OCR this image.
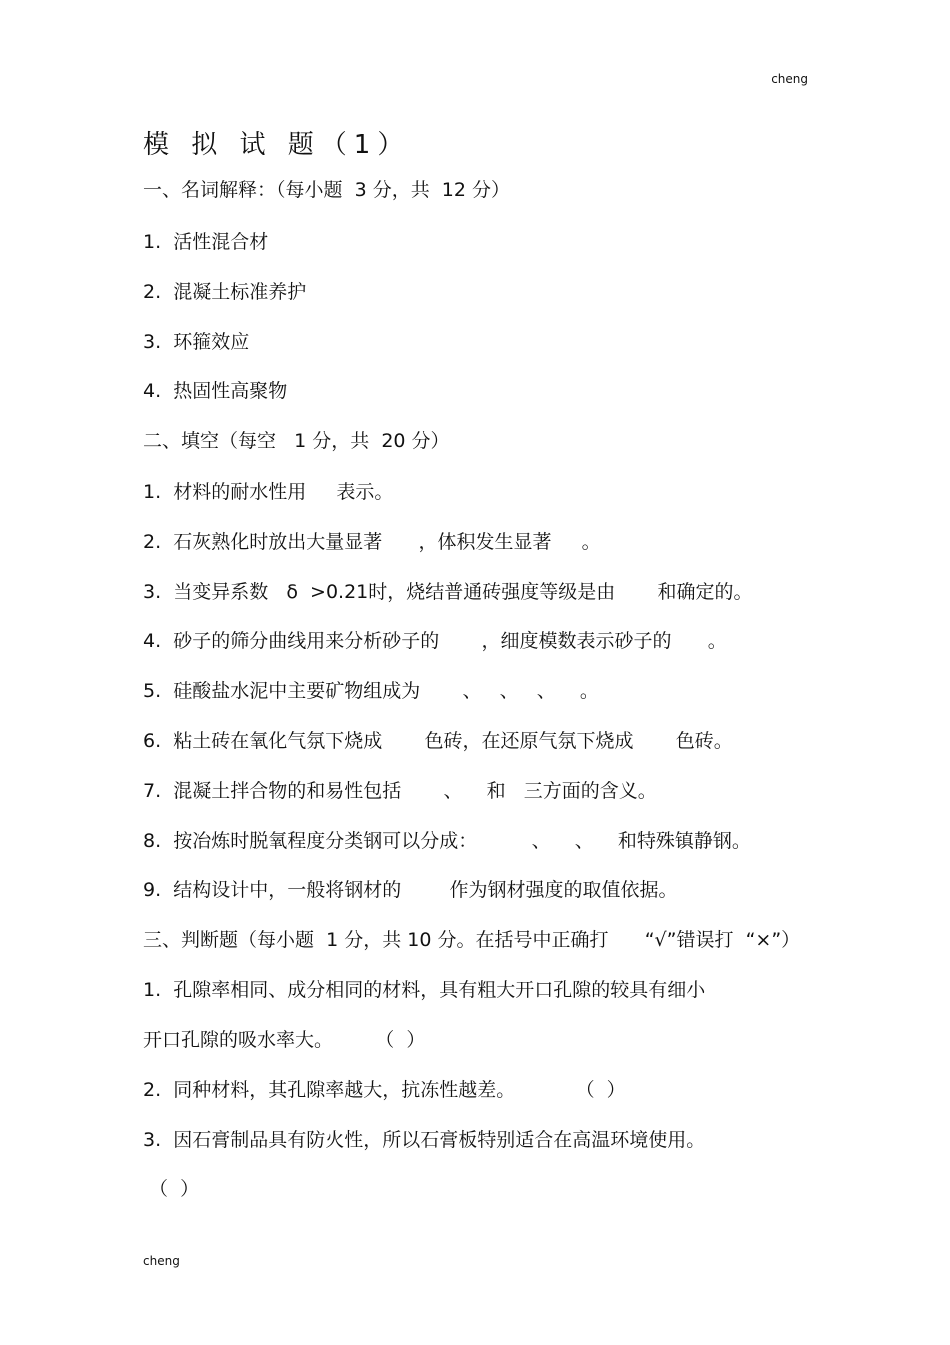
cheng
模 拟 试 题（1）
一、名词解释：（每小题  3 分，共  12 分）
1.  活性混合材
2.  混凝土标准养护
3.  环箍效应
4.  热固性高聚物
二、填空（每空   1 分，共  20 分）
1.  材料的耐水性用     表示。
2.  石灰熟化时放出大量显著      ，体积发生显著     。
3.  当变异系数   δ  >0.21时，烧结普通砖强度等级是由       和确定的。
4.  砂子的筛分曲线用来分析砂子的       ，细度模数表示砂子的      。
5.  硅酸盐水泥中主要矿物组成为       、   、   、    。
6.  粘土砖在氧化气氛下烧成       色砖，在还原气氛下烧成       色砖。
7.  混凝土拌合物的和易性包括       、    和   三方面的含义。
8.  按冶炼时脱氧程度分类钢可以分成：         、    、    和特殊镇静钢。
9.  结构设计中，一般将钢材的        作为钢材强度的取值依据。
三、判断题（每小题  1 分，共 10 分。在括号中正确打      “√”错误打  “×”）
1.  孔隙率相同、成分相同的材料，具有粗大开口孔隙的较具有细小
开口孔隙的吸水率大。       （  ）
2.  同种材料，其孔隙率越大，抗冻性越差。          （  ）
3.  因石膏制品具有防火性，所以石膏板特别适合在高温环境使用。
（  ）
cheng
